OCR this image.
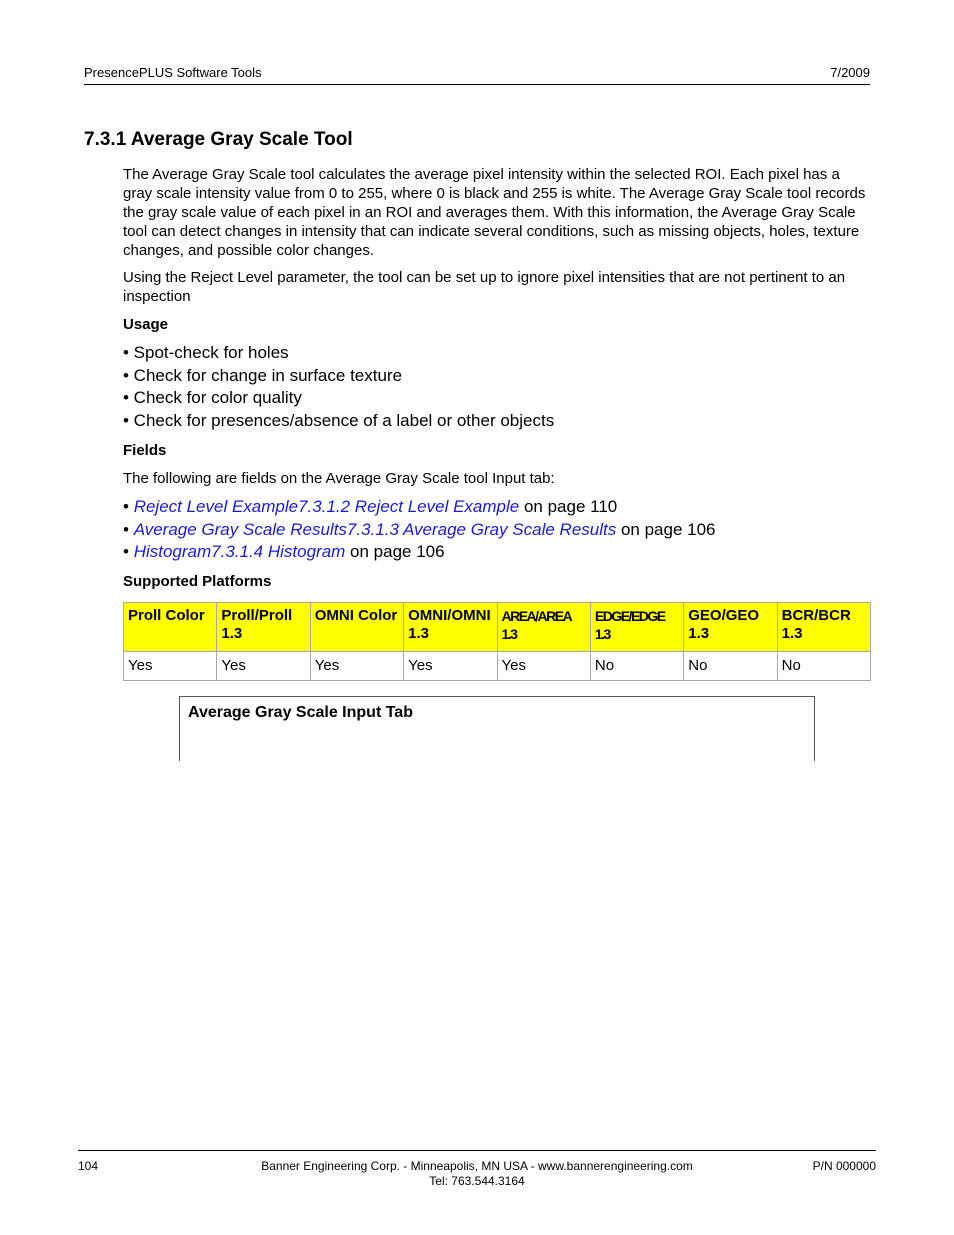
PresencePLUS Software Tools	7/2009
7.3.1 Average Gray Scale Tool
The Average Gray Scale tool calculates the average pixel intensity within the selected ROI. Each pixel has a gray scale intensity value from 0 to 255, where 0 is black and 255 is white. The Average Gray Scale tool records the gray scale value of each pixel in an ROI and averages them. With this information, the Average Gray Scale tool can detect changes in intensity that can indicate several conditions, such as missing objects, holes, texture changes, and possible color changes.
Using the Reject Level parameter, the tool can be set up to ignore pixel intensities that are not pertinent to an inspection
Usage
• Spot-check for holes
• Check for change in surface texture
• Check for color quality
• Check for presences/absence of a label or other objects
Fields
The following are fields on the Average Gray Scale tool Input tab:
• Reject Level Example7.3.1.2 Reject Level Example on page 110
• Average Gray Scale Results7.3.1.3 Average Gray Scale Results on page 106
• Histogram7.3.1.4 Histogram on page 106
Supported Platforms
Proll Color	Proll/Proll 1.3	OMNI Color	OMNI/OMNI 1.3	AREA/AREA 1.3	EDGE/EDGE 1.3	GEO/GEO 1.3	BCR/BCR 1.3
Yes	Yes	Yes	Yes	Yes	No	No	No
Average Gray Scale Input Tab
104	Banner Engineering Corp. - Minneapolis, MN USA - www.bannerengineering.com
Tel: 763.544.3164
P/N 000000
